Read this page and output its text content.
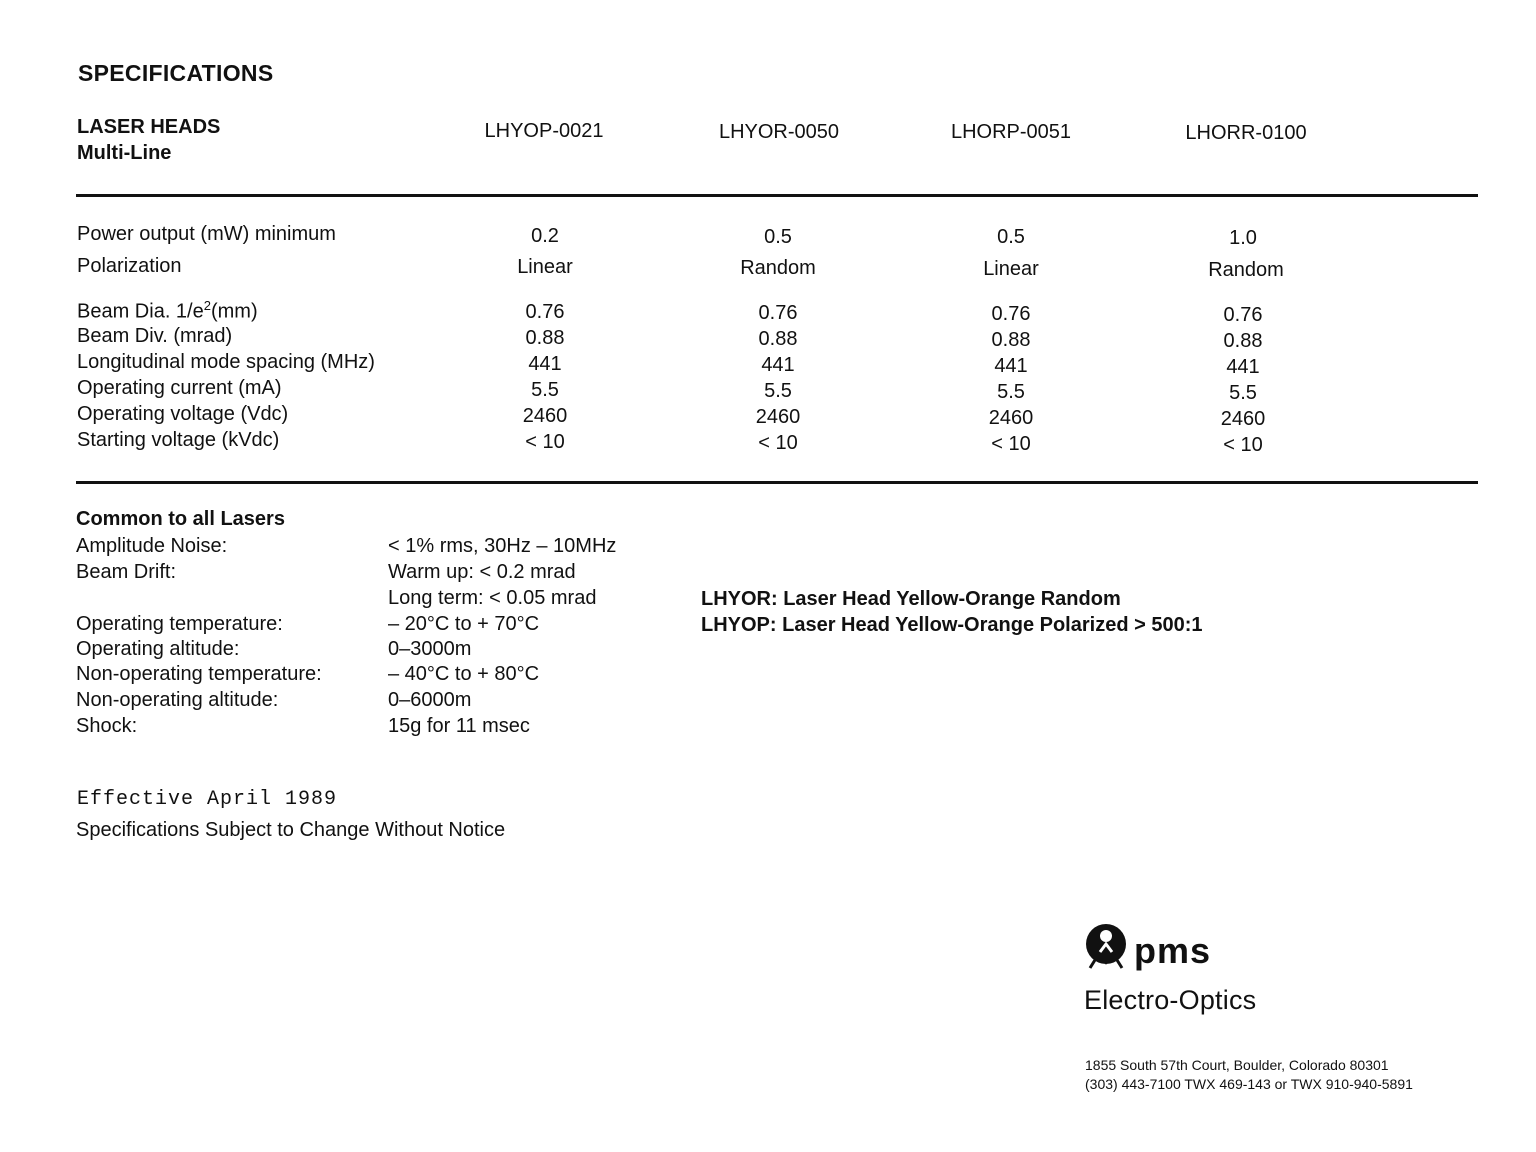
SPECIFICATIONS
LASER HEADS
Multi-Line
LHYOP-0021	LHYOR-0050	LHORP-0051	LHORR-0100
Power output (mW) minimum	0.2	0.5	0.5	1.0
Polarization	Linear	Random	Linear	Random
Beam Dia. $1/e^2(mm)$	0.76	0.76	0.76	0.76
Beam Div. (mrad)	0.88	0.88	0.88	0.88
Longitudinal mode spacing (MHz)	441	441	441	441
Operating current (mA)	5.5	5.5	5.5	5.5
Operating voltage (Vdc)	2460	2460	2460	2460
Starting voltage (kVdc)	< 10	< 10	< 10	< 10
Common to all Lasers
Amplitude Noise:	< 1% rms, 30Hz – 10MHz
Beam Drift:	Warm up: < 0.2 mrad
Long term: < 0.05 mrad
Operating temperature:	– 20°C to + 70°C
Operating altitude:	0–3000m
Non-operating temperature:	– 40°C to + 80°C
Non-operating altitude:	0–6000m
Shock:	15g for 11 msec
LHYOR: Laser Head Yellow-Orange Random
LHYOP: Laser Head Yellow-Orange Polarized > 500:1
Effective April 1989
Specifications Subject to Change Without Notice
pms
Electro-Optics
1855 South 57th Court, Boulder, Colorado 80301
(303) 443-7100 TWX 469-143 or TWX 910-940-5891
